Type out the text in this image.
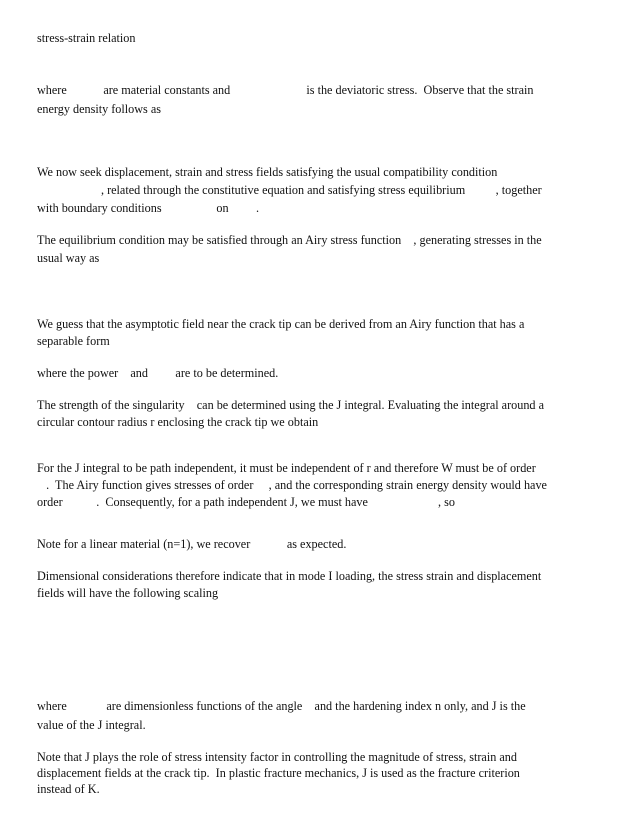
stress-strain relation

where            are material constants and                         is the deviatoric stress.  Observe that the strain

energy density follows as

We now seek displacement, strain and stress fields satisfying the usual compatibility condition

, related through the constitutive equation and satisfying stress equilibrium          , together

with boundary conditions                  on         .

The equilibrium condition may be satisfied through an Airy stress function    , generating stresses in the

usual way as

We guess that the asymptotic field near the crack tip can be derived from an Airy function that has a

separable form

where the power    and         are to be determined.

The strength of the singularity    can be determined using the J integral. Evaluating the integral around a

circular contour radius r enclosing the crack tip we obtain

For the J integral to be path independent, it must be independent of r and therefore W must be of order

.  The Airy function gives stresses of order     , and the corresponding strain energy density would have

order           .  Consequently, for a path independent J, we must have                       , so

Note for a linear material (n=1), we recover            as expected.

Dimensional considerations therefore indicate that in mode I loading, the stress strain and displacement

fields will have the following scaling

where             are dimensionless functions of the angle    and the hardening index n only, and J is the

value of the J integral.

Note that J plays the role of stress intensity factor in controlling the magnitude of stress, strain and

displacement fields at the crack tip.  In plastic fracture mechanics, J is used as the fracture criterion

instead of K.
